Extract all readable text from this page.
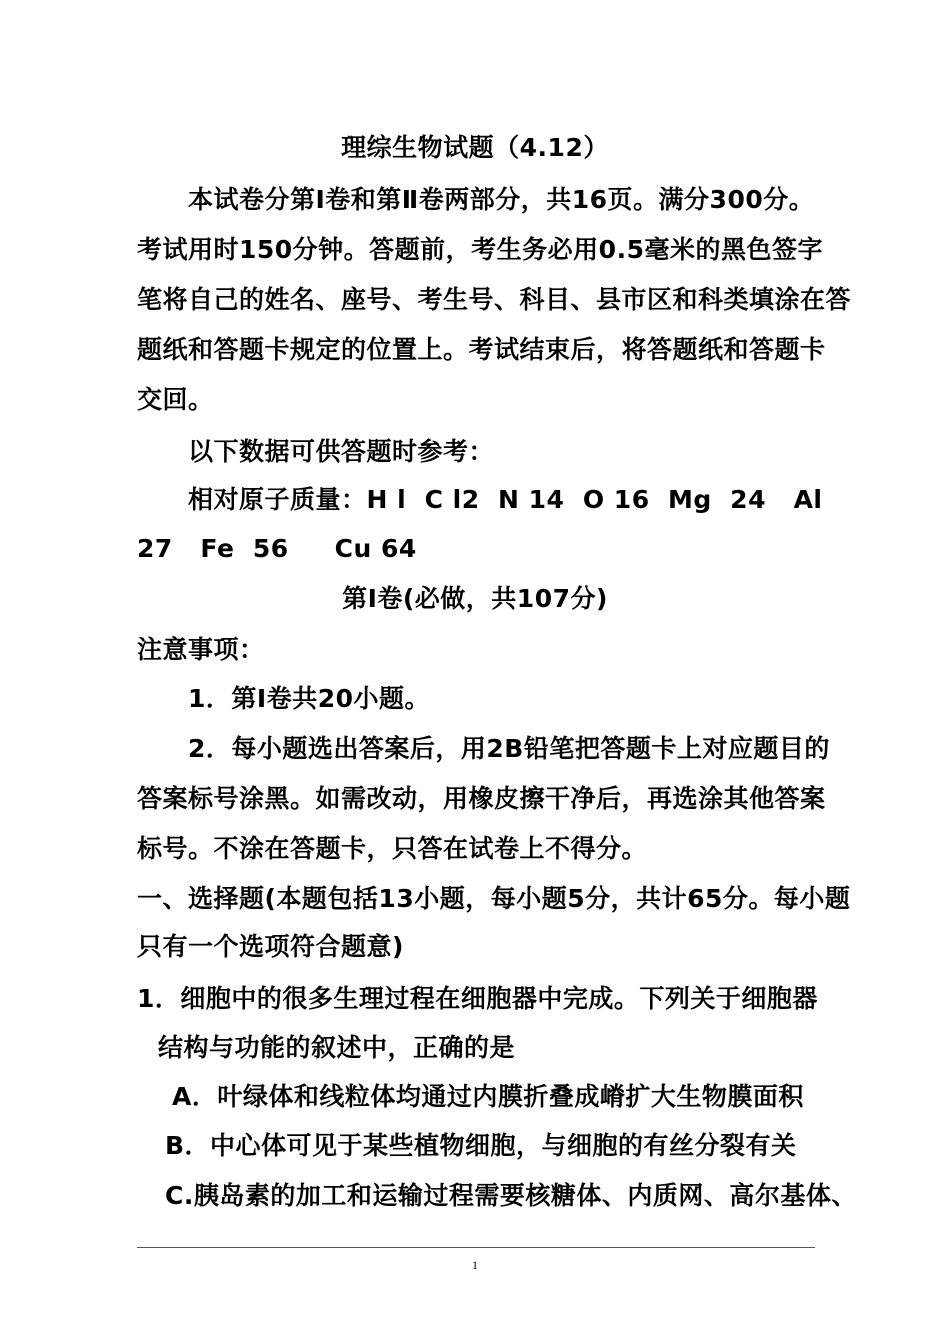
理综生物试题（4.12）
本试卷分第Ⅰ卷和第Ⅱ卷两部分，共16页。满分300分。
考试用时150分钟。答题前，考生务必用0.5毫米的黑色签字
笔将自己的姓名、座号、考生号、科目、县市区和科类填涂在答
题纸和答题卡规定的位置上。考试结束后，将答题纸和答题卡
交回。
以下数据可供答题时参考：
相对原子质量：H l  C l2  N 14  O 16  Mg  24   Al
27   Fe  56     Cu 64
第Ⅰ卷(必做，共107分)
注意事项：
1．第Ⅰ卷共20小题。
2．每小题选出答案后，用2B铅笔把答题卡上对应题目的
答案标号涂黑。如需改动，用橡皮擦干净后，再选涂其他答案
标号。不涂在答题卡，只答在试卷上不得分。
一、选择题(本题包括13小题，每小题5分，共计65分。每小题
只有一个选项符合题意)
1．细胞中的很多生理过程在细胞器中完成。下列关于细胞器
结构与功能的叙述中，正确的是
A．叶绿体和线粒体均通过内膜折叠成嵴扩大生物膜面积
B．中心体可见于某些植物细胞，与细胞的有丝分裂有关
C.胰岛素的加工和运输过程需要核糖体、内质网、高尔基体、
1
